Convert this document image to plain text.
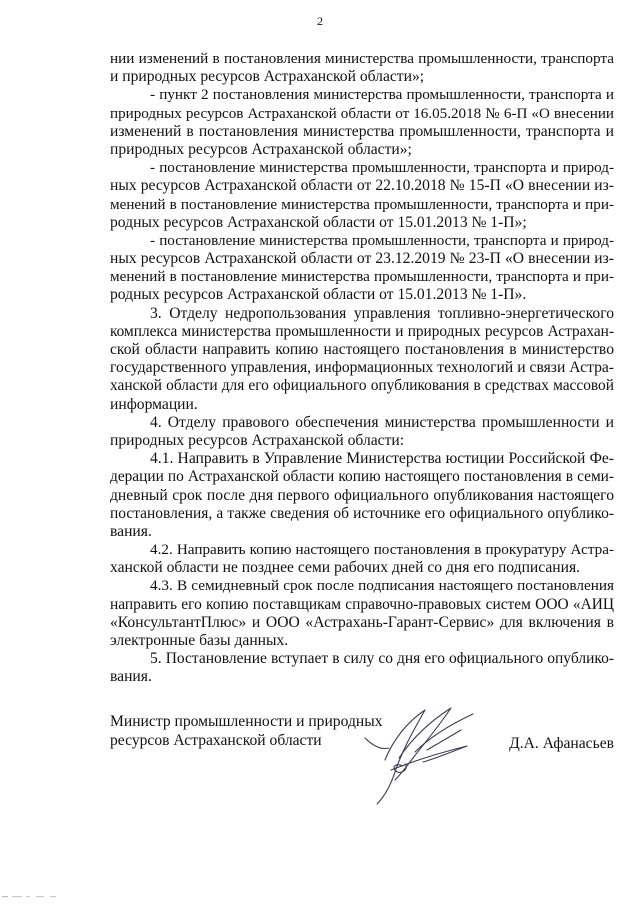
2
нии изменений в постановления министерства промышленности, транспорта
и природных ресурсов Астраханской области»;
- пункт 2 постановления министерства промышленности, транспорта и
природных ресурсов Астраханской области от 16.05.2018 № 6-П «О внесении
изменений в постановления министерства промышленности, транспорта и
природных ресурсов Астраханской области»;
- постановление министерства промышленности, транспорта и природ-
ных ресурсов Астраханской области от 22.10.2018 № 15-П «О внесении из-
менений в постановление министерства промышленности, транспорта и при-
родных ресурсов Астраханской области от 15.01.2013 № 1-П»;
- постановление министерства промышленности, транспорта и природ-
ных ресурсов Астраханской области от 23.12.2019 № 23-П «О внесении из-
менений в постановление министерства промышленности, транспорта и при-
родных ресурсов Астраханской области от 15.01.2013 № 1-П».
3. Отделу недропользования управления топливно-энергетического
комплекса министерства промышленности и природных ресурсов Астрахан-
ской области направить копию настоящего постановления в министерство
государственного управления, информационных технологий и связи Астра-
ханской области для его официального опубликования в средствах массовой
информации.
4. Отделу правового обеспечения министерства промышленности и
природных ресурсов Астраханской области:
4.1. Направить в Управление Министерства юстиции Российской Фе-
дерации по Астраханской области копию настоящего постановления в семи-
дневный срок после дня первого официального опубликования настоящего
постановления, а также сведения об источнике его официального опублико-
вания.
4.2. Направить копию настоящего постановления в прокуратуру Астра-
ханской области не позднее семи рабочих дней со дня его подписания.
4.3. В семидневный срок после подписания настоящего постановления
направить его копию поставщикам справочно-правовых систем ООО «АИЦ
«КонсультантПлюс» и ООО «Астрахань-Гарант-Сервис» для включения в
электронные базы данных.
5. Постановление вступает в силу со дня его официального опублико-
вания.
Министр промышленности и природных
ресурсов Астраханской области	Д.А. Афанасьев
